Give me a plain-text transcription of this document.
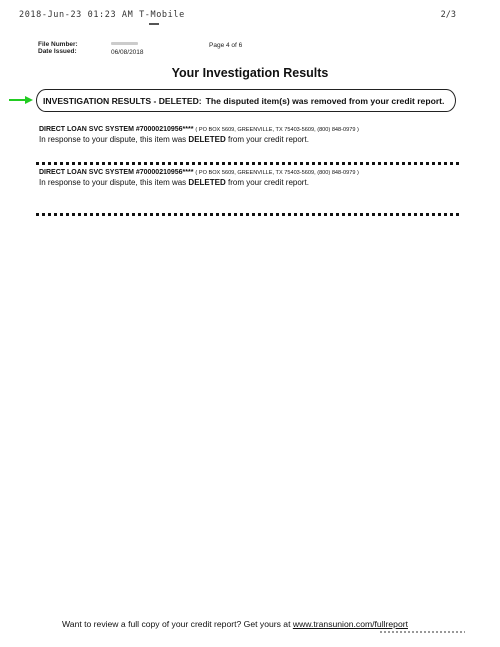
2018-Jun-23 01:23 AM T-Mobile	2/3
File Number:
Date Issued:	06/08/2018
Page 4 of 6
Your Investigation Results
INVESTIGATION RESULTS - DELETED: The disputed item(s) was removed from your credit report.
DIRECT LOAN SVC SYSTEM #70000210956**** ( PO BOX 5609, GREENVILLE, TX 75403-5609, (800) 848-0979 )
In response to your dispute, this item was DELETED from your credit report.
DIRECT LOAN SVC SYSTEM #70000210956**** ( PO BOX 5609, GREENVILLE, TX 75403-5609, (800) 848-0979 )
In response to your dispute, this item was DELETED from your credit report.
Want to review a full copy of your credit report? Get yours at www.transunion.com/fullreport
